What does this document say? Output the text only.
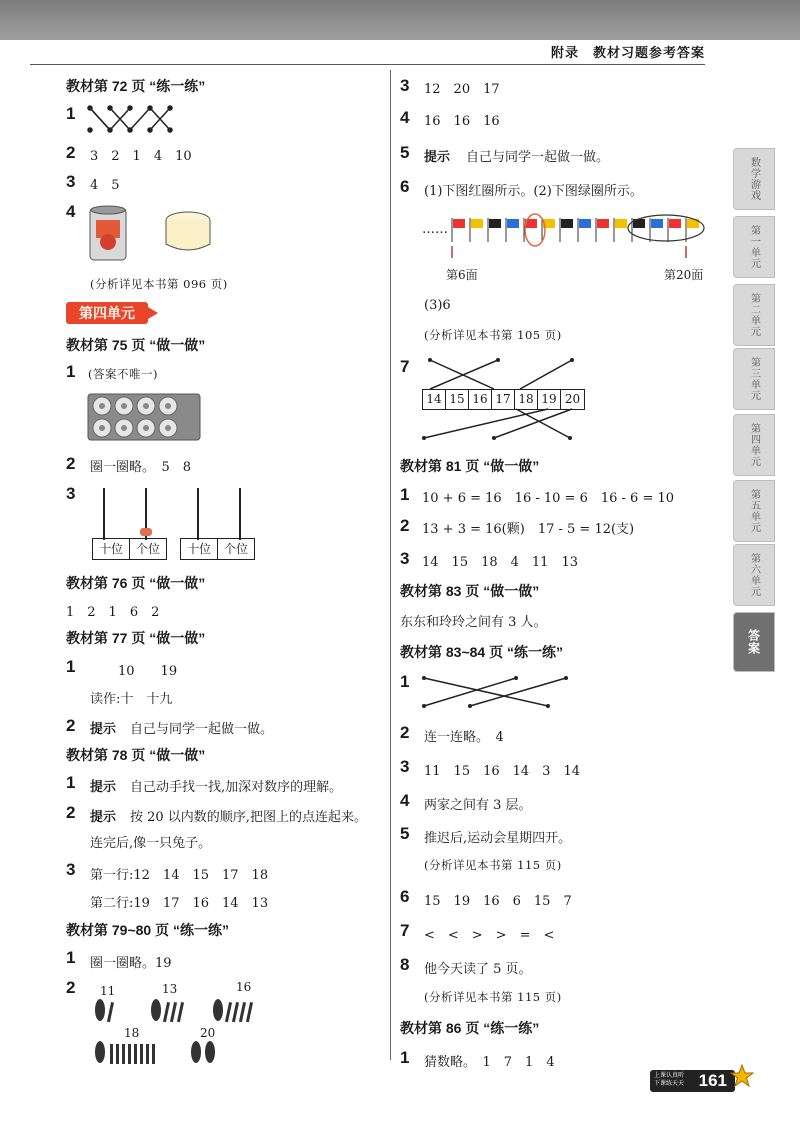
附录　教材习题参考答案
数学游戏
第一单元
第二单元
第三单元
第四单元
第五单元
第六单元
答案
教材第 72 页 “练一练”
1
2 3　2　1　4　10
3 4　5
4
(分析详见本书第 096 页)
第四单元
教材第 75 页 “做一做”
1 (答案不唯一)
2 圈一圈略。　5　8
3
十位	个位	十位	个位
教材第 76 页 “做一做”
1　2　1　6　2
教材第 77 页 “做一做”
1	10　　19
读作:十　十九
2 提示 自己与同学一起做一做。
教材第 78 页 “做一做”
1 提示 自己动手找一找,加深对数序的理解。
2 提示 按 20 以内数的顺序,把图上的点连起来。
连完后,像一只兔子。
3 第一行:12　14　15　17　18
第二行:19　17　16　14　13
教材第 79~80 页 “练一练”
1 圈一圈略。19
2 11	13	16
18	20
3 12　20　17
4 16　16　16
5 提示 自己与同学一起做一做。
6 (1)下图红圈所示。(2)下图绿圈所示。
……
第6面	第20面
(3)6
(分析详见本书第 105 页)
7
14 15 16 17 18 19 20
教材第 81 页 “做一做”
1 10 + 6 = 16　16 - 10 = 6　16 - 6 = 10
2 13 + 3 = 16(颗)　17 - 5 = 12(支)
3 14　15　18　4　11　13
教材第 83 页 “做一做”
东东和玲玲之间有 3 人。
教材第 83~84 页 “练一练”
1
2 连一连略。　4
3 11　15　16　14　3　14
4 两家之间有 3 层。
5 推迟后,运动会星期四开。
(分析详见本书第 115 页)
6 15　19　16　6　15　7
7 <　<　>　>　=　<
8 他今天读了 5 页。
(分析详见本书第 115 页)
教材第 86 页 “练一练”
1 猜数略。　1　7　1　4
上课认真听
下课练天天 161
